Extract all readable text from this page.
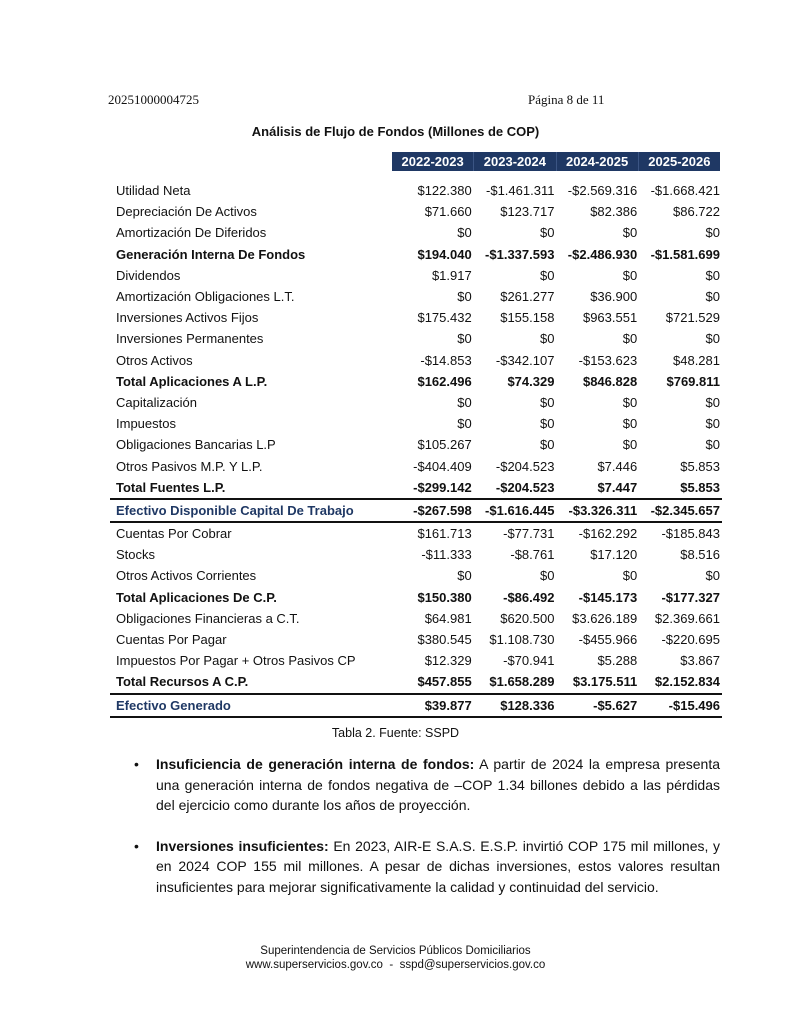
20251000004725	Página 8 de 11
Análisis de Flujo de Fondos (Millones de COP)
2022-2023	2023-2024	2024-2025	2025-2026
Utilidad Neta	$122.380	-$1.461.311	-$2.569.316	-$1.668.421
Depreciación De Activos	$71.660	$123.717	$82.386	$86.722
Amortización De Diferidos	$0	$0	$0	$0
Generación Interna De Fondos	$194.040	-$1.337.593	-$2.486.930	-$1.581.699
Dividendos	$1.917	$0	$0	$0
Amortización Obligaciones L.T.	$0	$261.277	$36.900	$0
Inversiones Activos Fijos	$175.432	$155.158	$963.551	$721.529
Inversiones Permanentes	$0	$0	$0	$0
Otros Activos	-$14.853	-$342.107	-$153.623	$48.281
Total Aplicaciones A L.P.	$162.496	$74.329	$846.828	$769.811
Capitalización	$0	$0	$0	$0
Impuestos	$0	$0	$0	$0
Obligaciones Bancarias L.P	$105.267	$0	$0	$0
Otros Pasivos M.P. Y L.P.	-$404.409	-$204.523	$7.446	$5.853
Total Fuentes L.P.	-$299.142	-$204.523	$7.447	$5.853
Efectivo Disponible Capital De Trabajo	-$267.598	-$1.616.445	-$3.326.311	-$2.345.657
Cuentas Por Cobrar	$161.713	-$77.731	-$162.292	-$185.843
Stocks	-$11.333	-$8.761	$17.120	$8.516
Otros Activos Corrientes	$0	$0	$0	$0
Total Aplicaciones De C.P.	$150.380	-$86.492	-$145.173	-$177.327
Obligaciones Financieras a C.T.	$64.981	$620.500	$3.626.189	$2.369.661
Cuentas Por Pagar	$380.545	$1.108.730	-$455.966	-$220.695
Impuestos Por Pagar + Otros Pasivos CP	$12.329	-$70.941	$5.288	$3.867
Total Recursos A C.P.	$457.855	$1.658.289	$3.175.511	$2.152.834
Efectivo Generado	$39.877	$128.336	-$5.627	-$15.496
Tabla 2. Fuente: SSPD
•	Insuficiencia de generación interna de fondos: A partir de 2024 la empresa presenta una generación interna de fondos negativa de –COP 1.34 billones debido a las pérdidas del ejercicio como durante los años de proyección.
•	Inversiones insuficientes: En 2023, AIR-E S.A.S. E.S.P. invirtió COP 175 mil millones, y en 2024 COP 155 mil millones. A pesar de dichas inversiones, estos valores resultan insuficientes para mejorar significativamente la calidad y continuidad del servicio.
Superintendencia de Servicios Públicos Domiciliarios
www.superservicios.gov.co - sspd@superservicios.gov.co
